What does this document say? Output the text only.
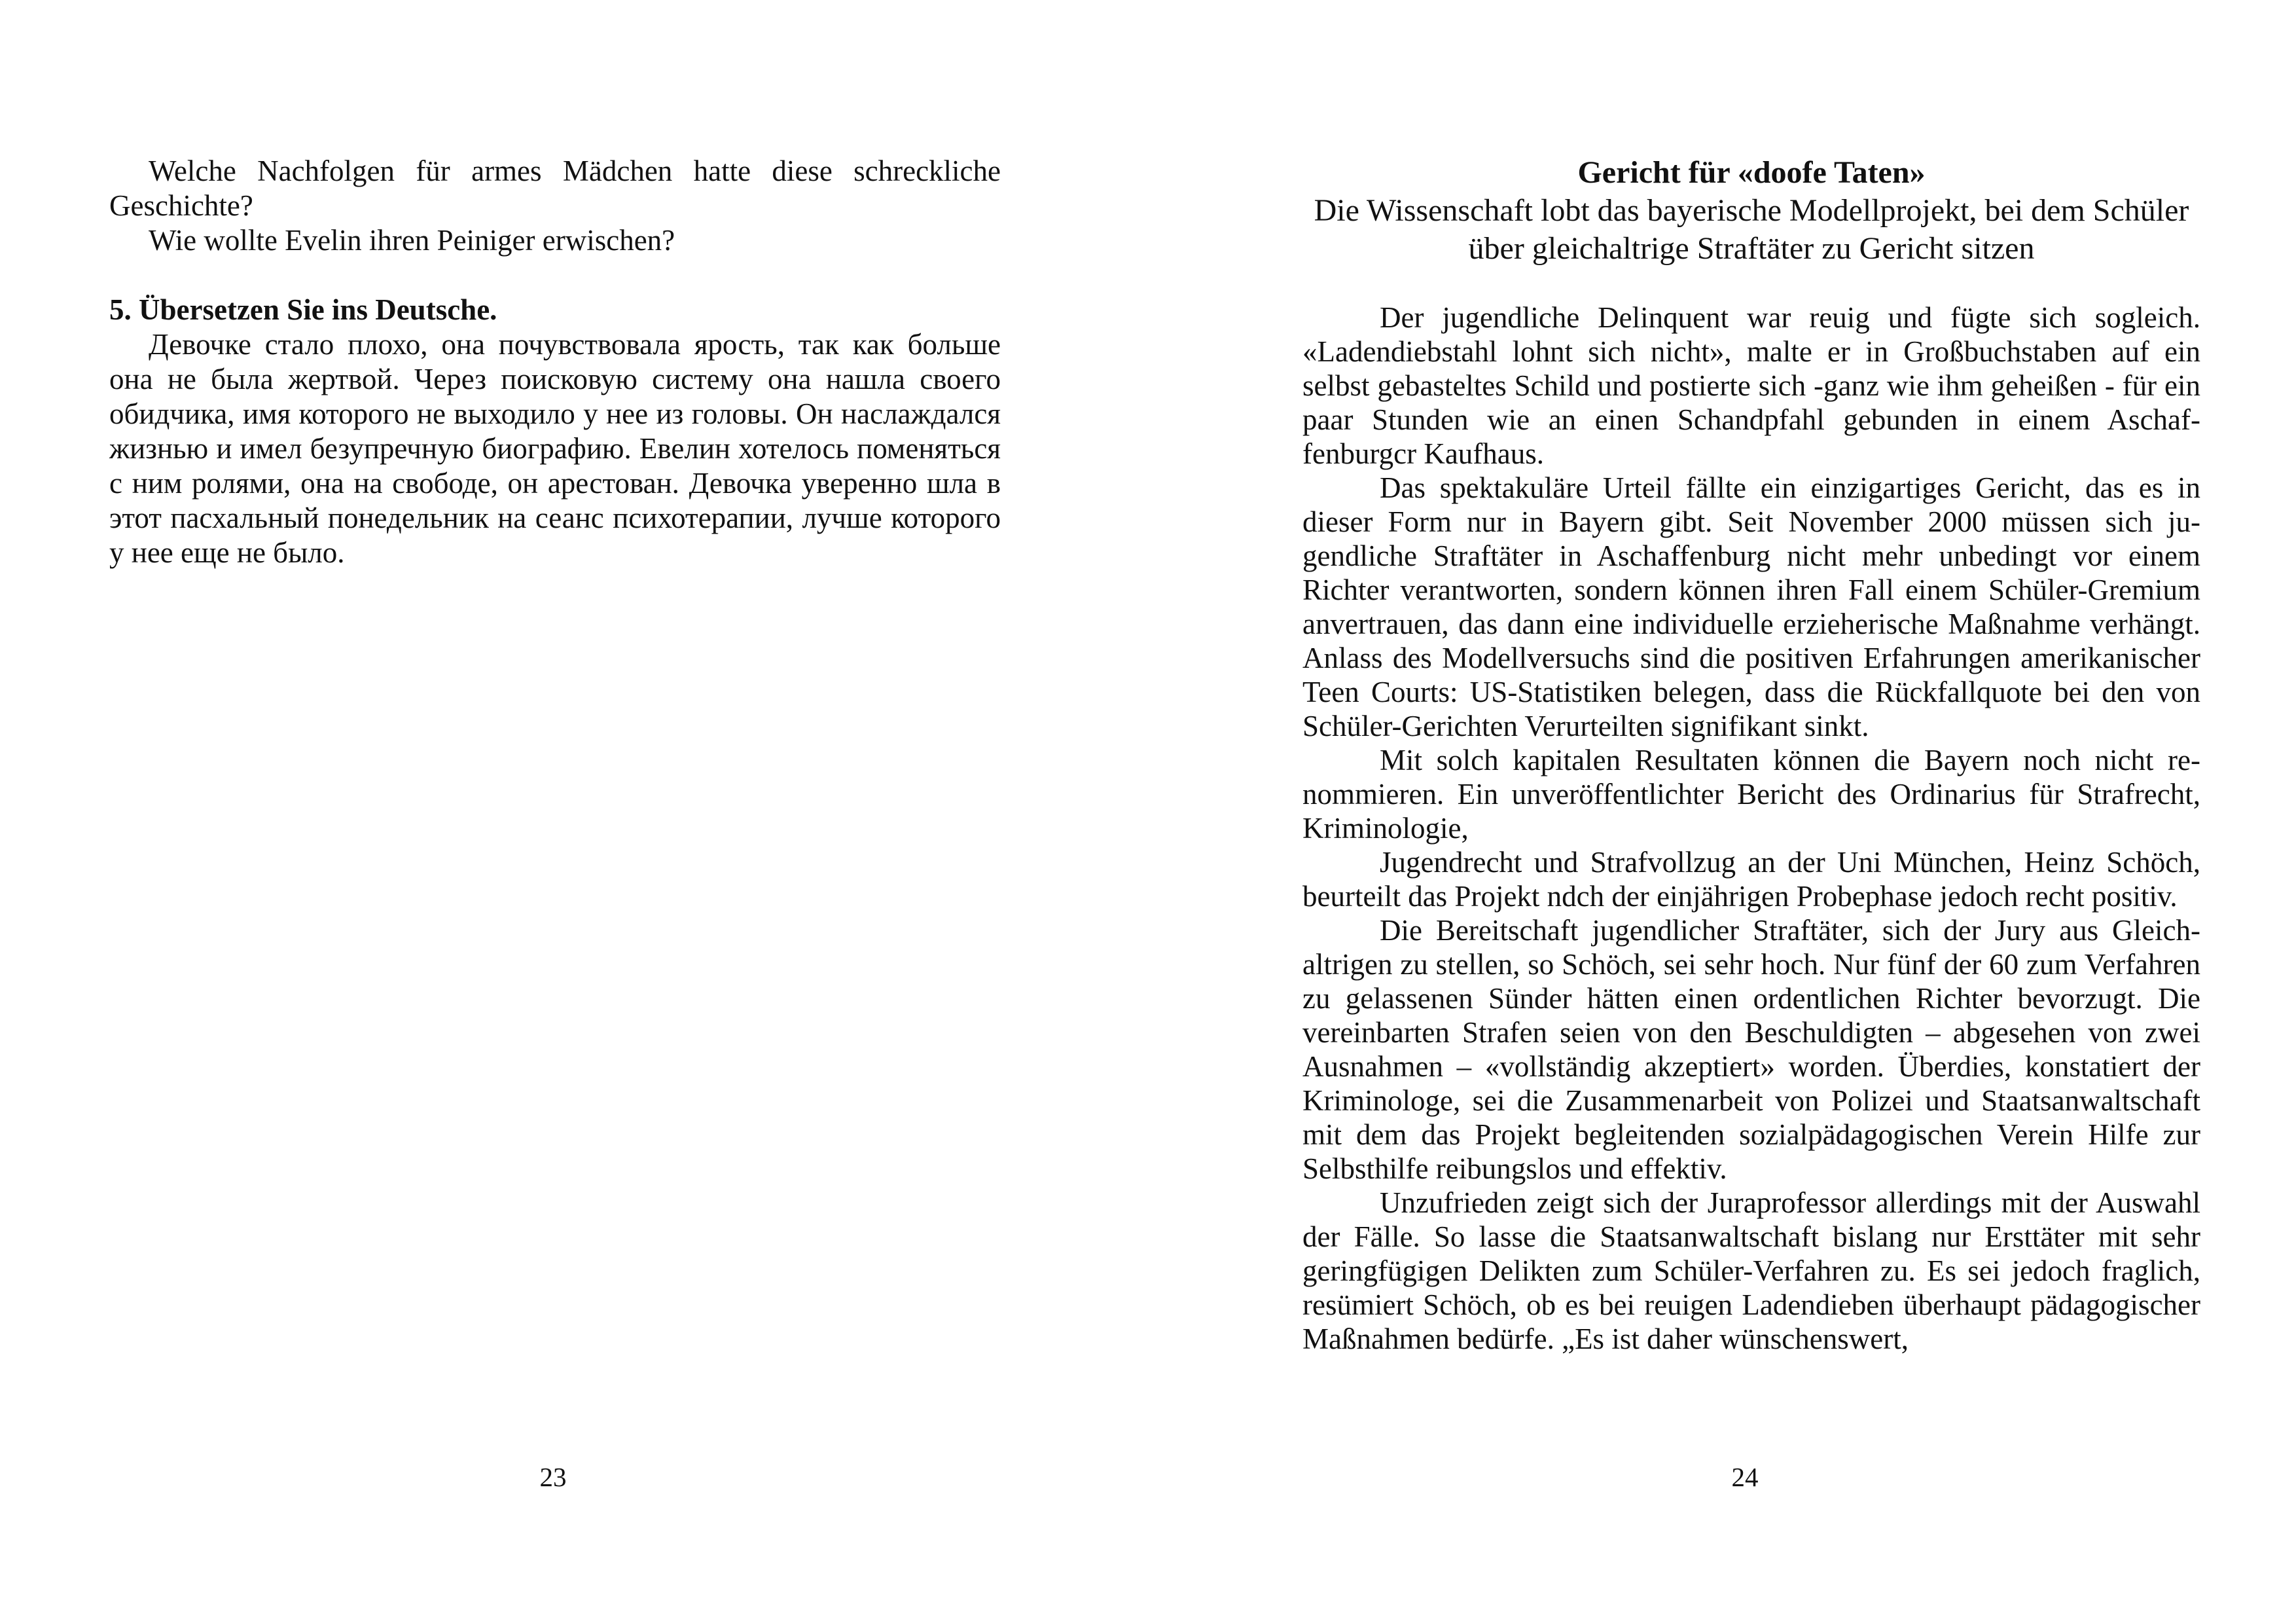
Welche Nachfolgen für armes Mädchen hatte diese schreckliche Geschichte?

Wie wollte Evelin ihren Peiniger erwischen?

5. Übersetzen Sie ins Deutsche.

Девочке стало плохо, она почувствовала ярость, так как больше она не была жертвой. Через поисковую систему она нашла своего обидчика, имя которого не выходило у нее из головы. Он наслаждался жизнью и имел безупречную биографию. Евелин хотелось поменяться с ним ролями, она на свободе, он арестован. Девочка уверенно шла в этот пасхальный понедельник на сеанс психотерапии, лучше которого у нее еще не было.

23

Gericht für «doofe Taten»

Die Wissenschaft lobt das bayerische Modellprojekt, bei dem Schüler über gleichaltrige Straftäter zu Gericht sitzen

Der jugendliche Delinquent war reuig und fügte sich sogleich. «Ladendiebstahl lohnt sich nicht», malte er in Großbuchstaben auf ein selbst gebasteltes Schild und postierte sich -ganz wie ihm geheißen - für ein paar Stunden wie an einen Schandpfahl gebunden in einem Aschaffenburgcr Kaufhaus.

Das spektakuläre Urteil fällte ein einzigartiges Gericht, das es in dieser Form nur in Bayern gibt. Seit November 2000 müssen sich jugendliche Straftäter in Aschaffenburg nicht mehr unbedingt vor einem Richter verantworten, sondern können ihren Fall einem Schüler-Gremium anvertrauen, das dann eine individuelle erzieherische Maßnahme verhängt. Anlass des Modellversuchs sind die positiven Erfahrungen amerikanischer Teen Courts: US-Statistiken belegen, dass die Rückfallquote bei den von Schüler-Gerichten Verurteilten signifikant sinkt.

Mit solch kapitalen Resultaten können die Bayern noch nicht renommieren. Ein unveröffentlichter Bericht des Ordinarius für Strafrecht, Kriminologie,

Jugendrecht und Strafvollzug an der Uni München, Heinz Schöch, beurteilt das Projekt ndch der einjährigen Probephase jedoch recht positiv.

Die Bereitschaft jugendlicher Straftäter, sich der Jury aus Gleichaltrigen zu stellen, so Schöch, sei sehr hoch. Nur fünf der 60 zum Verfahren zu gelassenen Sünder hätten einen ordentlichen Richter bevorzugt. Die vereinbarten Strafen seien von den Beschuldigten – abgesehen von zwei Ausnahmen – «vollständig akzeptiert» worden. Überdies, konstatiert der Kriminologe, sei die Zusammenarbeit von Polizei und Staatsanwaltschaft mit dem das Projekt begleitenden sozialpädagogischen Verein Hilfe zur Selbsthilfe reibungslos und effektiv.

Unzufrieden zeigt sich der Juraprofessor allerdings mit der Auswahl der Fälle. So lasse die Staatsanwaltschaft bislang nur Ersttäter mit sehr geringfügigen Delikten zum Schüler-Verfahren zu. Es sei jedoch fraglich, resümiert Schöch, ob es bei reuigen Ladendieben überhaupt pädagogischer Maßnahmen bedürfe. „Es ist daher wünschenswert,

24
